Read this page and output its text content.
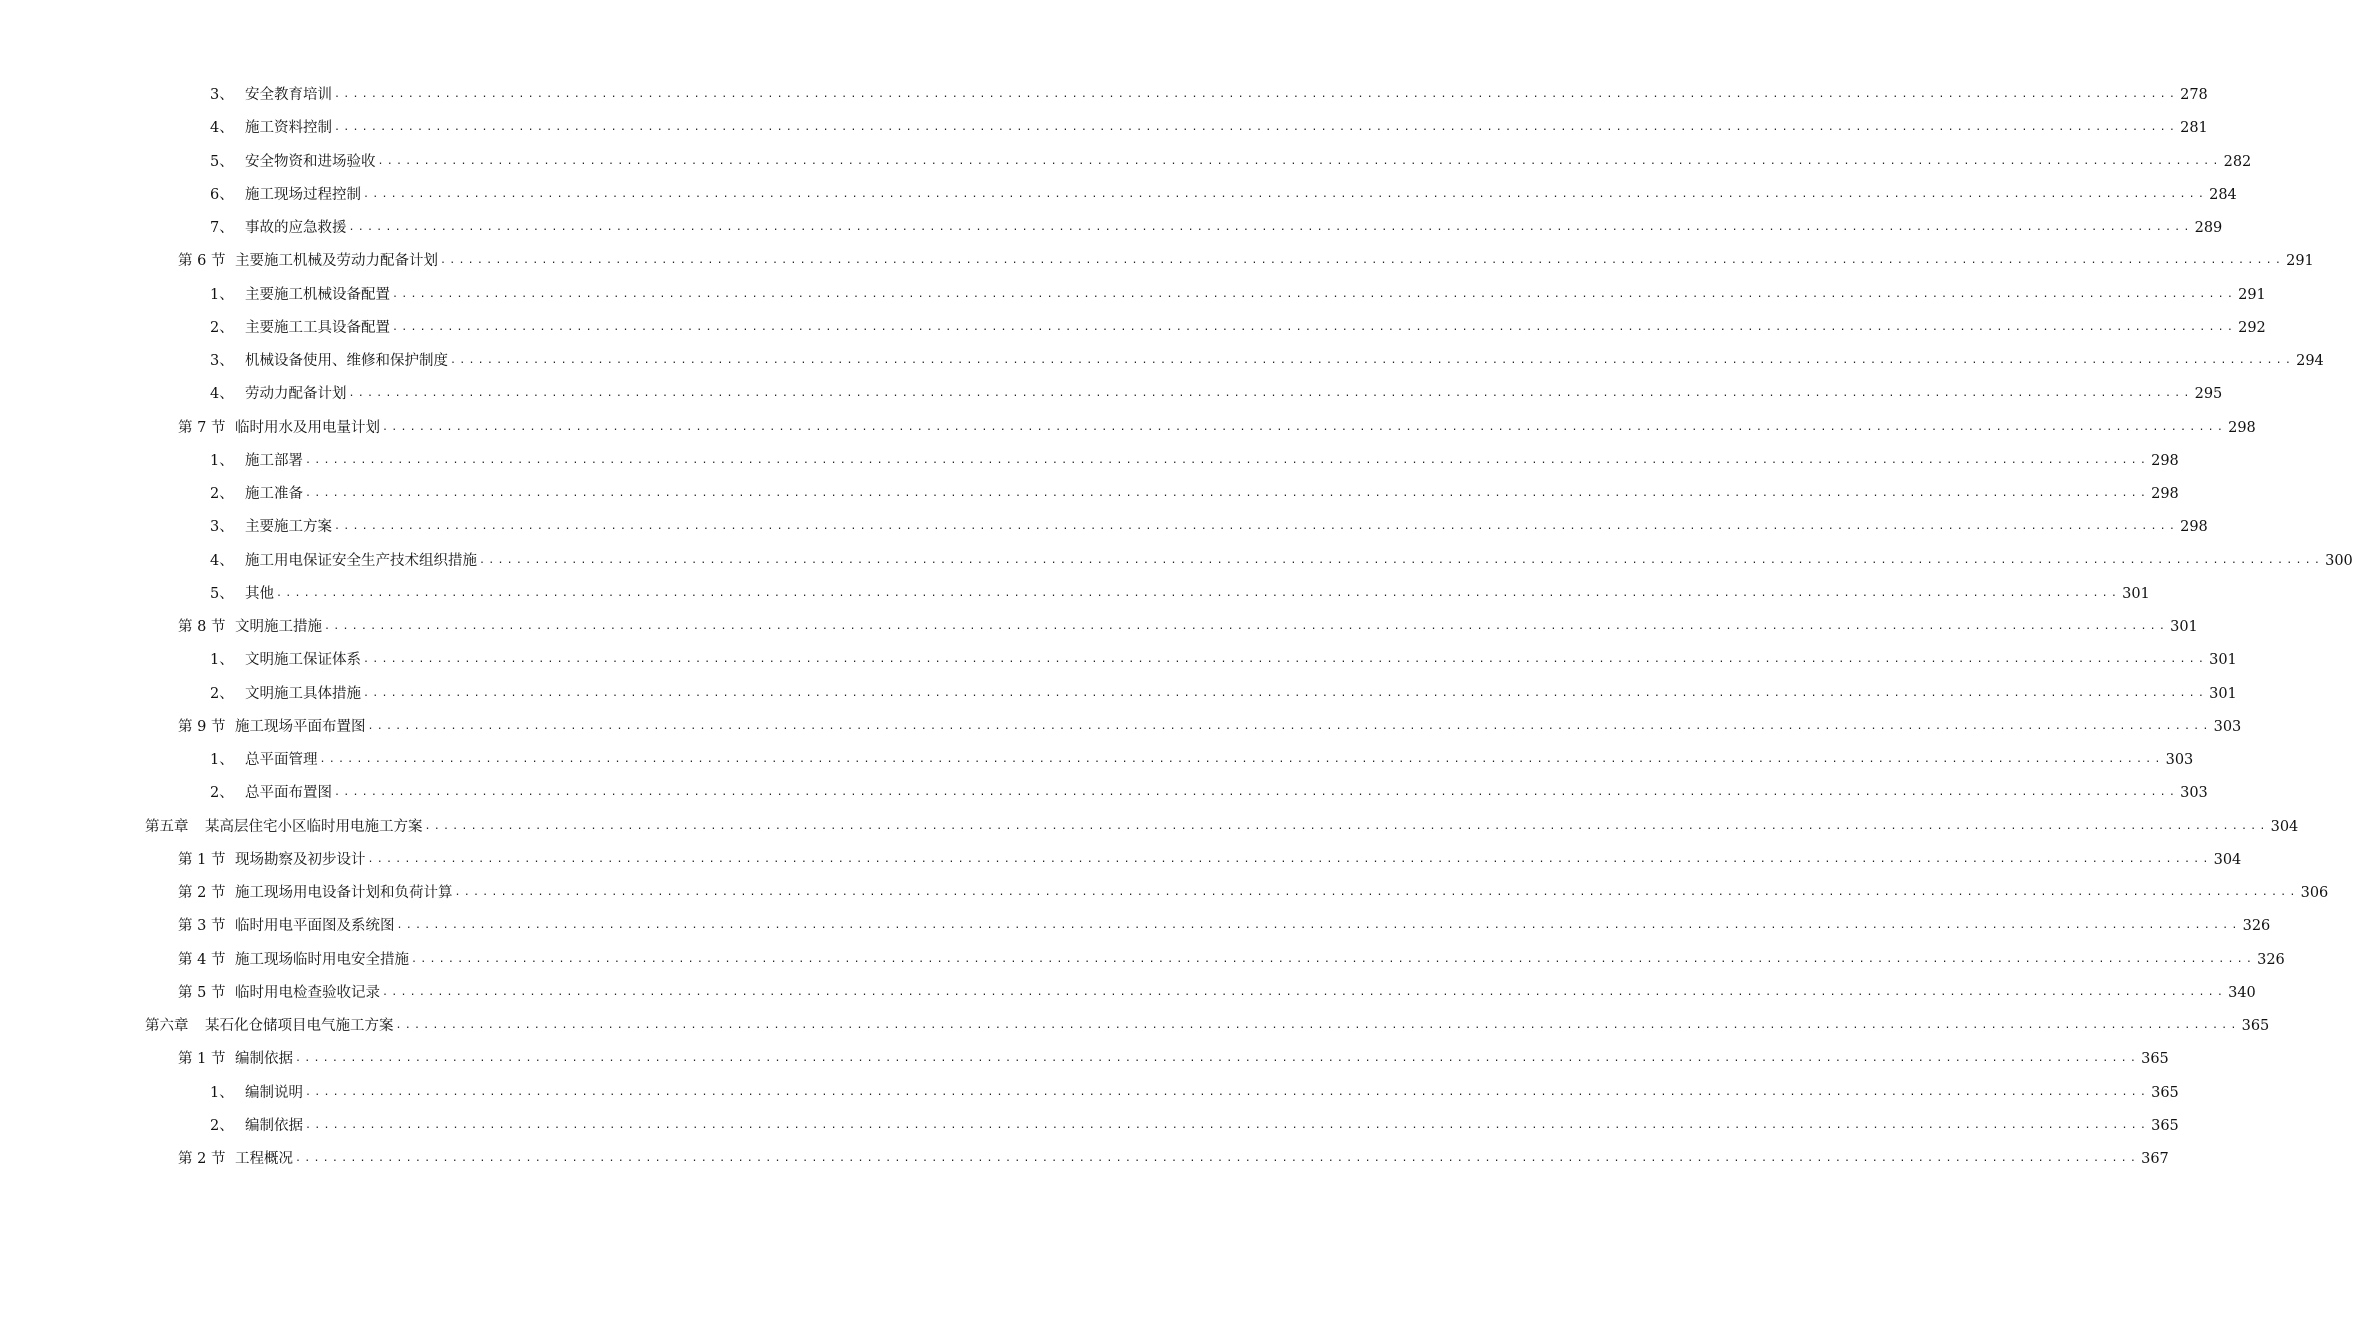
3、 安全教育培训 ........................................................................................................................................................................................................ 278
4、 施工资料控制 ........................................................................................................................................................................................................ 281
5、 安全物资和进场验收 ........................................................................................................................................................................................................ 282
6、 施工现场过程控制 ........................................................................................................................................................................................................ 284
7、 事故的应急救援 ........................................................................................................................................................................................................ 289
第 6 节 主要施工机械及劳动力配备计划 ........................................................................................................................................................................................................ 291
1、 主要施工机械设备配置 ........................................................................................................................................................................................................ 291
2、 主要施工工具设备配置 ........................................................................................................................................................................................................ 292
3、 机械设备使用、维修和保护制度 ........................................................................................................................................................................................................ 294
4、 劳动力配备计划 ........................................................................................................................................................................................................ 295
第 7 节 临时用水及用电量计划 ........................................................................................................................................................................................................ 298
1、 施工部署 ........................................................................................................................................................................................................ 298
2、 施工准备 ........................................................................................................................................................................................................ 298
3、 主要施工方案 ........................................................................................................................................................................................................ 298
4、 施工用电保证安全生产技术组织措施 ........................................................................................................................................................................................................ 300
5、 其他 ........................................................................................................................................................................................................ 301
第 8 节 文明施工措施 ........................................................................................................................................................................................................ 301
1、 文明施工保证体系 ........................................................................................................................................................................................................ 301
2、 文明施工具体措施 ........................................................................................................................................................................................................ 301
第 9 节 施工现场平面布置图 ........................................................................................................................................................................................................ 303
1、 总平面管理 ........................................................................................................................................................................................................ 303
2、 总平面布置图 ........................................................................................................................................................................................................ 303
第五章	某高层住宅小区临时用电施工方案 ........................................................................................................................................................................................................ 304
第 1 节 现场勘察及初步设计 ........................................................................................................................................................................................................ 304
第 2 节 施工现场用电设备计划和负荷计算 ........................................................................................................................................................................................................ 306
第 3 节 临时用电平面图及系统图 ........................................................................................................................................................................................................ 326
第 4 节 施工现场临时用电安全措施 ........................................................................................................................................................................................................ 326
第 5 节 临时用电检查验收记录 ........................................................................................................................................................................................................ 340
第六章	某石化仓储项目电气施工方案 ........................................................................................................................................................................................................ 365
第 1 节 编制依据 ........................................................................................................................................................................................................ 365
1、 编制说明 ........................................................................................................................................................................................................ 365
2、 编制依据 ........................................................................................................................................................................................................ 365
第 2 节 工程概况 ........................................................................................................................................................................................................ 367
